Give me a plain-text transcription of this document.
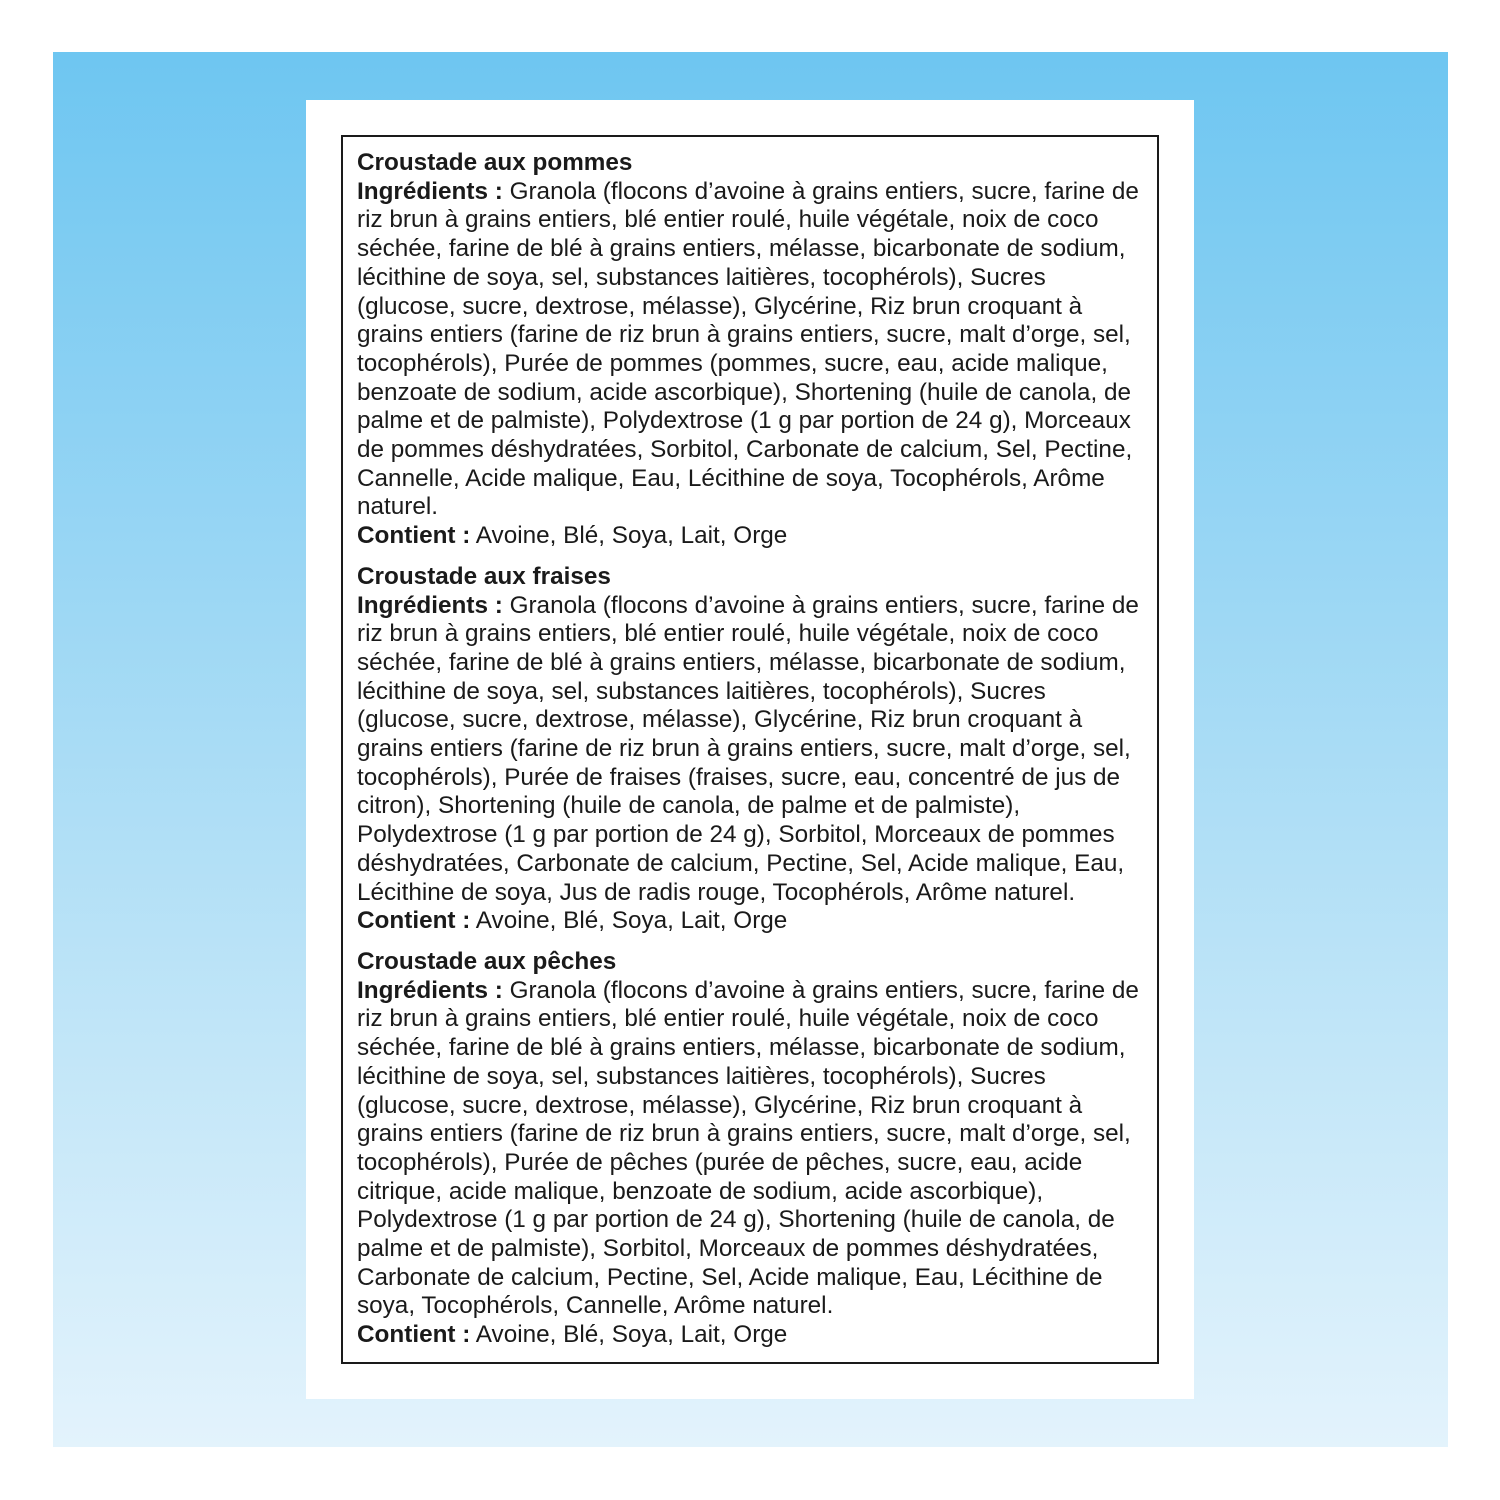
Croustade aux pommes
Ingrédients : Granola (flocons d’avoine à grains entiers, sucre, farine de riz brun à grains entiers, blé entier roulé, huile végétale, noix de coco séchée, farine de blé à grains entiers, mélasse, bicarbonate de sodium, lécithine de soya, sel, substances laitières, tocophérols), Sucres (glucose, sucre, dextrose, mélasse), Glycérine, Riz brun croquant à grains entiers (farine de riz brun à grains entiers, sucre, malt d’orge, sel, tocophérols), Purée de pommes (pommes, sucre, eau, acide malique, benzoate de sodium, acide ascorbique), Shortening (huile de canola, de palme et de palmiste), Polydextrose (1 g par portion de 24 g), Morceaux de pommes déshydratées, Sorbitol, Carbonate de calcium, Sel, Pectine, Cannelle, Acide malique, Eau, Lécithine de soya, Tocophérols, Arôme naturel.
Contient : Avoine, Blé, Soya, Lait, Orge
Croustade aux fraises
Ingrédients : Granola (flocons d’avoine à grains entiers, sucre, farine de riz brun à grains entiers, blé entier roulé, huile végétale, noix de coco séchée, farine de blé à grains entiers, mélasse, bicarbonate de sodium, lécithine de soya, sel, substances laitières, tocophérols), Sucres (glucose, sucre, dextrose, mélasse), Glycérine, Riz brun croquant à grains entiers (farine de riz brun à grains entiers, sucre, malt d’orge, sel, tocophérols), Purée de fraises (fraises, sucre, eau, concentré de jus de citron), Shortening (huile de canola, de palme et de palmiste), Polydextrose (1 g par portion de 24 g), Sorbitol, Morceaux de pommes déshydratées, Carbonate de calcium, Pectine, Sel, Acide malique, Eau, Lécithine de soya, Jus de radis rouge, Tocophérols, Arôme naturel.
Contient : Avoine, Blé, Soya, Lait, Orge
Croustade aux pêches
Ingrédients : Granola (flocons d’avoine à grains entiers, sucre, farine de riz brun à grains entiers, blé entier roulé, huile végétale, noix de coco séchée, farine de blé à grains entiers, mélasse, bicarbonate de sodium, lécithine de soya, sel, substances laitières, tocophérols), Sucres (glucose, sucre, dextrose, mélasse), Glycérine, Riz brun croquant à grains entiers (farine de riz brun à grains entiers, sucre, malt d’orge, sel, tocophérols), Purée de pêches (purée de pêches, sucre, eau, acide citrique, acide malique, benzoate de sodium, acide ascorbique), Polydextrose (1 g par portion de 24 g), Shortening (huile de canola, de palme et de palmiste), Sorbitol, Morceaux de pommes déshydratées, Carbonate de calcium, Pectine, Sel, Acide malique, Eau, Lécithine de soya, Tocophérols, Cannelle, Arôme naturel.
Contient : Avoine, Blé, Soya, Lait, Orge
